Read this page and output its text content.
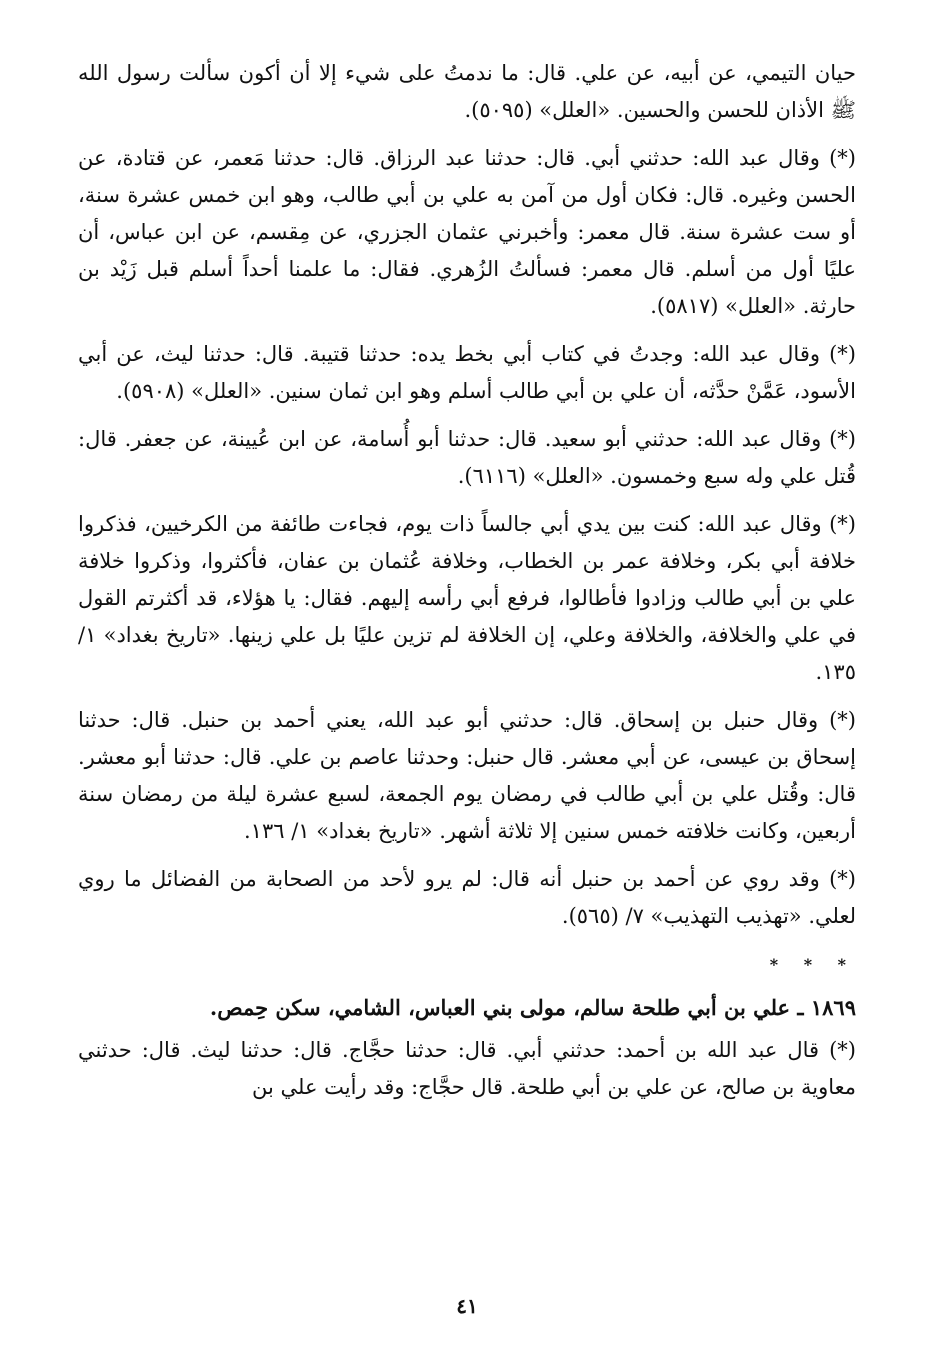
حيان التيمي، عن أبيه، عن علي. قال: ما ندمتُ على شيء إلا أن أكون سألت رسول الله ﷺ الأذان للحسن والحسين. «العلل» (٥٠٩٥).

(*) وقال عبد الله: حدثني أبي. قال: حدثنا عبد الرزاق. قال: حدثنا مَعمر، عن قتادة، عن الحسن وغيره. قال: فكان أول من آمن به علي بن أبي طالب، وهو ابن خمس عشرة سنة، أو ست عشرة سنة. قال معمر: وأخبرني عثمان الجزري، عن مِقسم، عن ابن عباس، أن عليًا أول من أسلم. قال معمر: فسألتُ الزُهري. فقال: ما علمنا أحداً أسلم قبل زَيْد بن حارثة. «العلل» (٥٨١٧).

(*) وقال عبد الله: وجدتُ في كتاب أبي بخط يده: حدثنا قتيبة. قال: حدثنا ليث، عن أبي الأسود، عَمَّنْ حدَّثه، أن علي بن أبي طالب أسلم وهو ابن ثمان سنين. «العلل» (٥٩٠٨).

(*) وقال عبد الله: حدثني أبو سعيد. قال: حدثنا أبو أُسامة، عن ابن عُيينة، عن جعفر. قال: قُتل علي وله سبع وخمسون. «العلل» (٦١١٦).

(*) وقال عبد الله: كنت بين يدي أبي جالساً ذات يوم، فجاءت طائفة من الكرخيين، فذكروا خلافة أبي بكر، وخلافة عمر بن الخطاب، وخلافة عُثمان بن عفان، فأكثروا، وذكروا خلافة علي بن أبي طالب وزادوا فأطالوا، فرفع أبي رأسه إليهم. فقال: يا هؤلاء، قد أكثرتم القول في علي والخلافة، والخلافة وعلي، إن الخلافة لم تزين عليًا بل علي زينها. «تاريخ بغداد» ١/ ١٣٥.

(*) وقال حنبل بن إسحاق. قال: حدثني أبو عبد الله، يعني أحمد بن حنبل. قال: حدثنا إسحاق بن عيسى، عن أبي معشر. قال حنبل: وحدثنا عاصم بن علي. قال: حدثنا أبو معشر. قال: وقُتل علي بن أبي طالب في رمضان يوم الجمعة، لسبع عشرة ليلة من رمضان سنة أربعين، وكانت خلافته خمس سنين إلا ثلاثة أشهر. «تاريخ بغداد» ١/ ١٣٦.

(*) وقد روي عن أحمد بن حنبل أنه قال: لم يرو لأحد من الصحابة من الفضائل ما روي لعلي. «تهذيب التهذيب» ٧/ (٥٦٥).

* * *
١٨٦٩ ـ علي بن أبي طلحة سالم، مولى بني العباس، الشامي، سكن حِمص.

(*) قال عبد الله بن أحمد: حدثني أبي. قال: حدثنا حجَّاج. قال: حدثنا ليث. قال: حدثني معاوية بن صالح، عن علي بن أبي طلحة. قال حجَّاج: وقد رأيت علي بن

٤١
